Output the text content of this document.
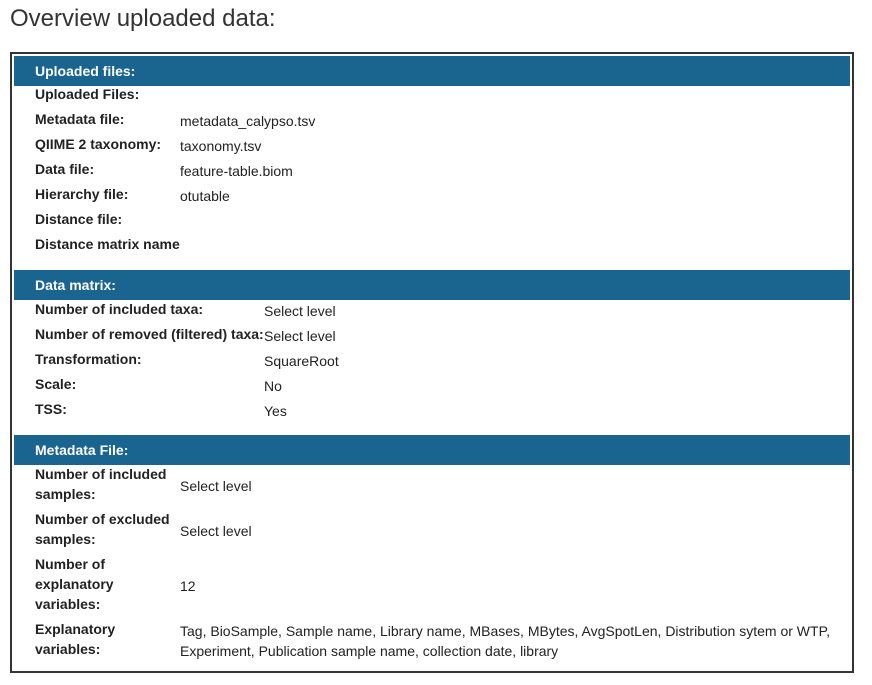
Overview uploaded data:
Uploaded files:
Uploaded Files:
Metadata file:	metadata_calypso.tsv
QIIME 2 taxonomy: taxonomy.tsv
Data file:	feature-table.biom
Hierarchy file:	otutable
Distance file:
Distance matrix name
Data matrix:
Number of included taxa:	Select level
Number of removed (filtered) taxa: Select level
Transformation:	SquareRoot
Scale:	No
TSS:	Yes
Metadata File:
Number of included
samples:	Select level
Number of excluded
samples:	Select level
Number of
explanatory
variables:
12
Explanatory
variables:
Tag, BioSample, Sample name, Library name, MBases, MBytes, AvgSpotLen, Distribution sytem or WTP,
Experiment, Publication sample name, collection date, library
